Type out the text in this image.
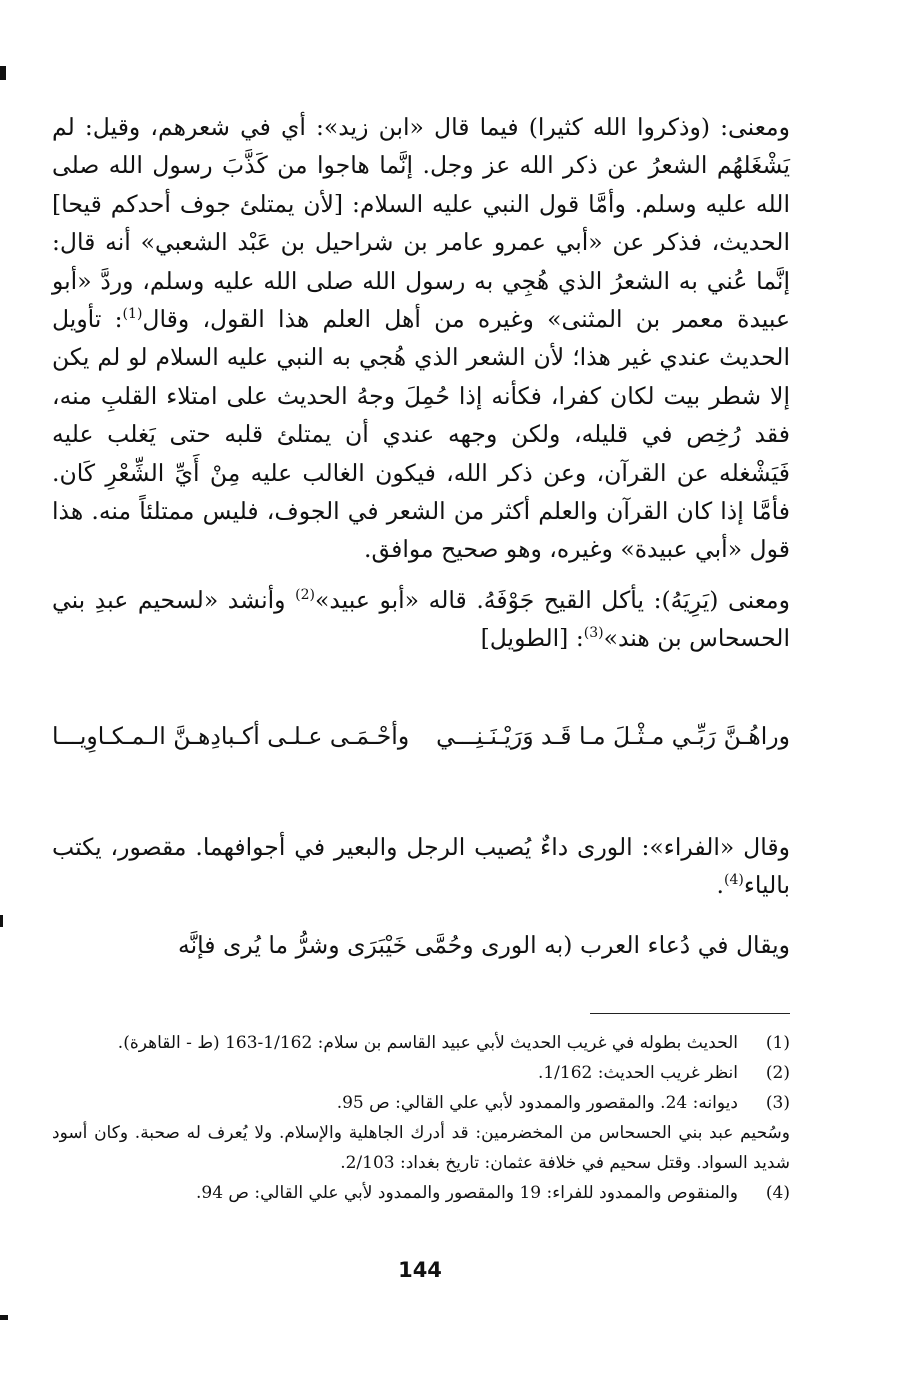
ومعنى: (وذكروا الله كثيرا) فيما قال «ابن زيد»: أي في شعرهم، وقيل: لم يَشْغَلهُم الشعرُ عن ذكر الله عز وجل. إنَّما هاجوا من كَذَّبَ رسول الله صلى الله عليه وسلم. وأمَّا قول النبي عليه السلام: [لأن يمتلئ جوف أحدكم قيحا] الحديث، فذكر عن «أبي عمرو عامر بن شراحيل بن عَبْد الشعبي» أنه قال: إنَّما عُني به الشعرُ الذي هُجِي به رسول الله صلى الله عليه وسلم، وردَّ «أبو عبيدة معمر بن المثنى» وغيره من أهل العلم هذا القول، وقال$^{(1)}$: تأويل الحديث عندي غير هذا؛ لأن الشعر الذي هُجي به النبي عليه السلام لو لم يكن إلا شطر بيت لكان كفرا، فكأنه إذا حُمِلَ وجهُ الحديث على امتلاء القلبِ منه، فقد رُخِص في قليله، ولكن وجهه عندي أن يمتلئ قلبه حتى يَغلب عليه فَيَشْغله عن القرآن، وعن ذكر الله، فيكون الغالب عليه مِنْ أَيِّ الشِّعْرِ كَان. فأمَّا إذا كان القرآن والعلم أكثر من الشعر في الجوف، فليس ممتلئاً منه. هذا قول «أبي عبيدة» وغيره، وهو صحيح موافق.

ومعنى (يَرِيَهُ): يأكل القيح جَوْفَهُ. قاله «أبو عبيد»$^{(2)}$ وأنشد «لسحيم عبدِ بني الحسحاس بن هند»$^{(3)}$: [الطويل]

وراهُـنَّ رَبِّـي مـثْـلَ مـا قَـد وَرَيْـنَـنِـــي
وأحْـمَـى عـلـى أكـبادِهـنَّ الـمـكـاوِيـــا

وقال «الفراء»: الورى داءٌ يُصيب الرجل والبعير في أجوافهما. مقصور، يكتب بالياء$^{(4)}$.

ويقال في دُعاء العرب (به الورى وحُمَّى خَيْبَرَى وشرُّ ما يُرى فإنَّه
(1)
الحديث بطوله في غريب الحديث لأبي عبيد القاسم بن سلام: 1/162-163 (ط - القاهرة).
(2)
انظر غريب الحديث: 1/162.
(3)
ديوانه: 24. والمقصور والممدود لأبي علي القالي: ص 95.
وسُحيم عبد بني الحسحاس من المخضرمين: قد أدرك الجاهلية والإسلام. ولا يُعرف له صحبة. وكان أسود شديد السواد. وقتل سحيم في خلافة عثمان: تاريخ بغداد: 2/103.
(4)
والمنقوص والممدود للفراء: 19 والمقصور والممدود لأبي علي القالي: ص 94.
144
